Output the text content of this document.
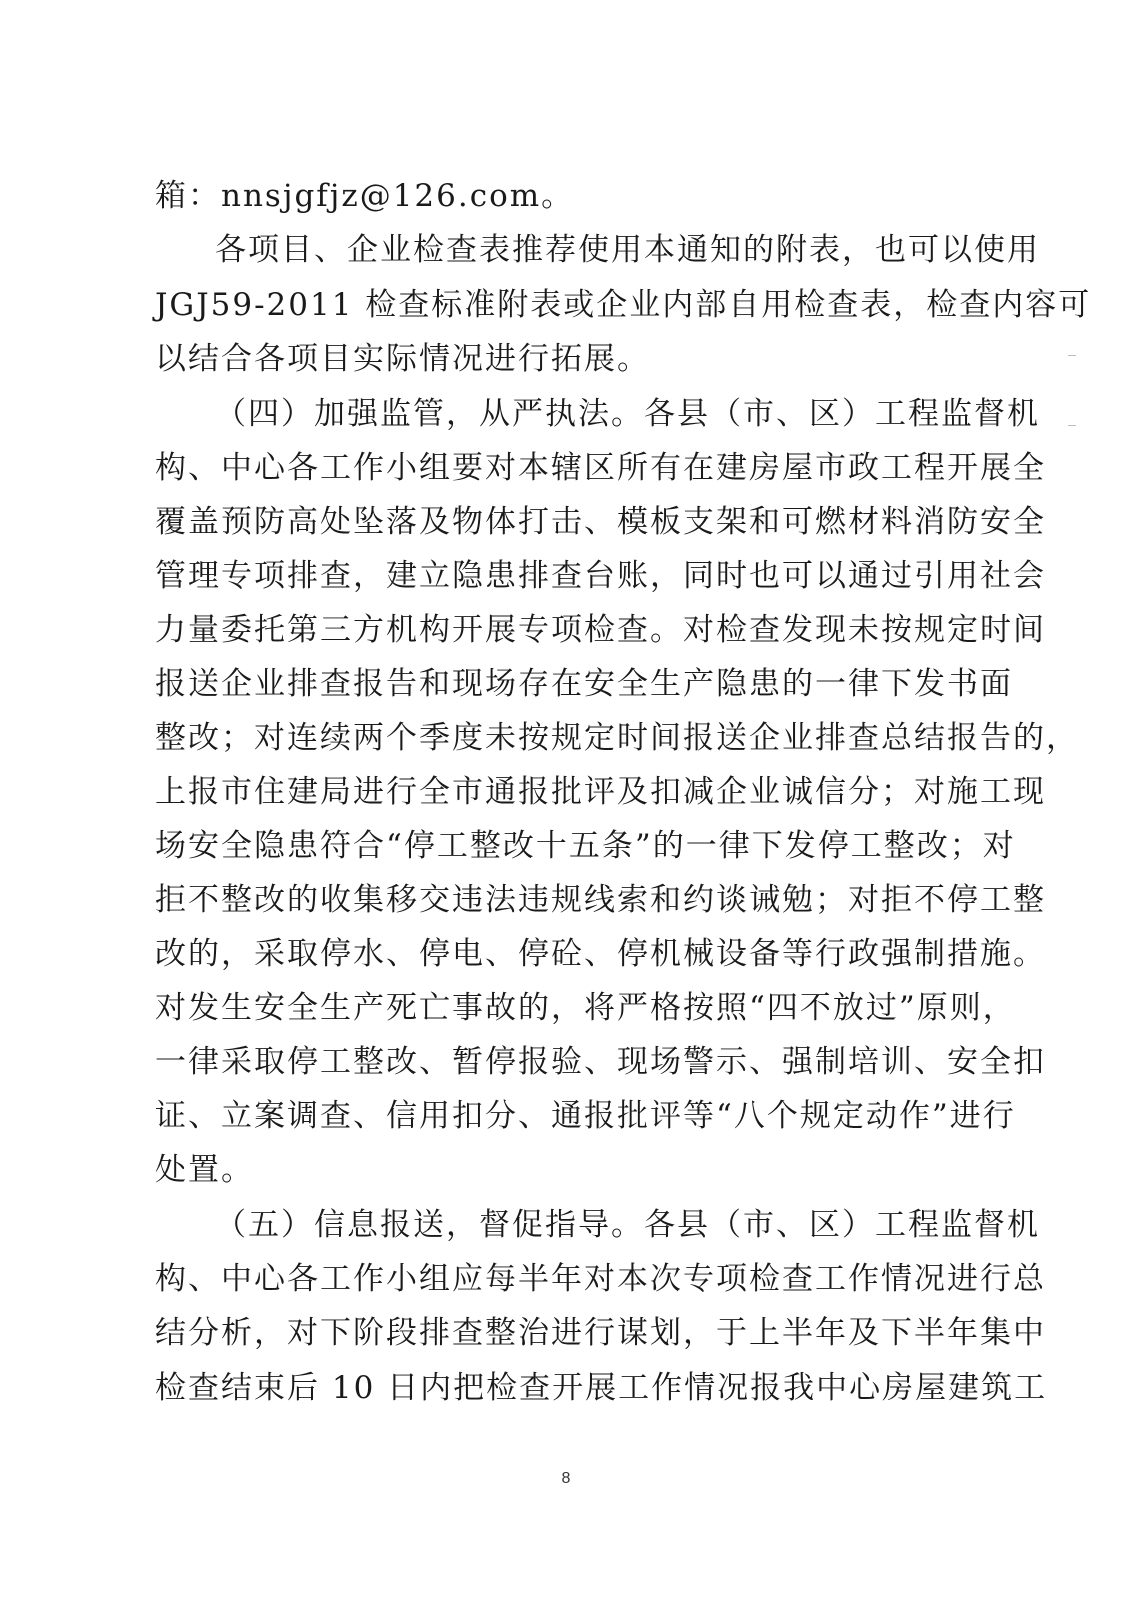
箱：nnsjgfjz@126.com。
各项目、企业检查表推荐使用本通知的附表，也可以使用
JGJ59-2011 检查标准附表或企业内部自用检查表，检查内容可
以结合各项目实际情况进行拓展。
（四）加强监管，从严执法。各县（市、区）工程监督机
构、中心各工作小组要对本辖区所有在建房屋市政工程开展全
覆盖预防高处坠落及物体打击、模板支架和可燃材料消防安全
管理专项排查，建立隐患排查台账，同时也可以通过引用社会
力量委托第三方机构开展专项检查。对检查发现未按规定时间
报送企业排查报告和现场存在安全生产隐患的一律下发书面
整改；对连续两个季度未按规定时间报送企业排查总结报告的，
上报市住建局进行全市通报批评及扣减企业诚信分；对施工现
场安全隐患符合“停工整改十五条”的一律下发停工整改；对
拒不整改的收集移交违法违规线索和约谈诫勉；对拒不停工整
改的，采取停水、停电、停砼、停机械设备等行政强制措施。
对发生安全生产死亡事故的，将严格按照“四不放过”原则，
一律采取停工整改、暂停报验、现场警示、强制培训、安全扣
证、立案调查、信用扣分、通报批评等“八个规定动作”进行
处置。
（五）信息报送，督促指导。各县（市、区）工程监督机
构、中心各工作小组应每半年对本次专项检查工作情况进行总
结分析，对下阶段排查整治进行谋划，于上半年及下半年集中
检查结束后 10 日内把检查开展工作情况报我中心房屋建筑工
8
